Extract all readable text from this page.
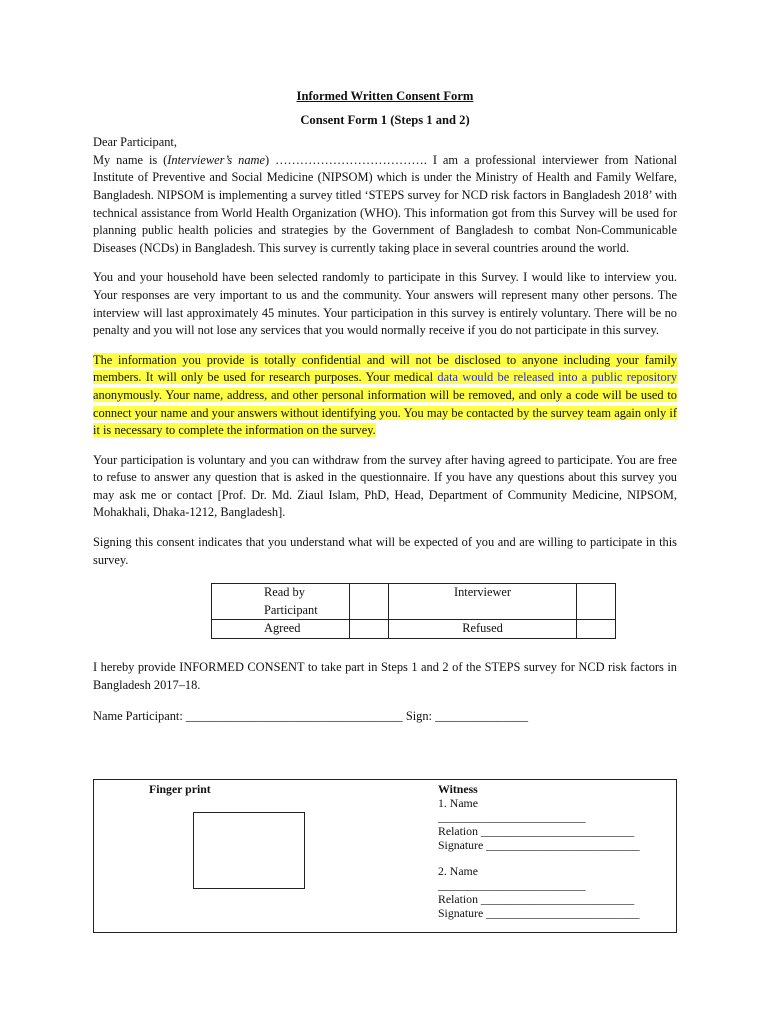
Informed Written Consent Form
Consent Form 1 (Steps 1 and 2)

Dear Participant,

My name is (Interviewer’s name) ………………………………. I am a professional interviewer from National Institute of Preventive and Social Medicine (NIPSOM) which is under the Ministry of Health and Family Welfare, Bangladesh. NIPSOM is implementing a survey titled ‘STEPS survey for NCD risk factors in Bangladesh 2018’ with technical assistance from World Health Organization (WHO). This information got from this Survey will be used for planning public health policies and strategies by the Government of Bangladesh to combat Non-Communicable Diseases (NCDs) in Bangladesh. This survey is currently taking place in several countries around the world.

You and your household have been selected randomly to participate in this Survey. I would like to interview you. Your responses are very important to us and the community. Your answers will represent many other persons. The interview will last approximately 45 minutes. Your participation in this survey is entirely voluntary. There will be no penalty and you will not lose any services that you would normally receive if you do not participate in this survey.

The information you provide is totally confidential and will not be disclosed to anyone including your family members. It will only be used for research purposes. Your medical data would be released into a public repository anonymously. Your name, address, and other personal information will be removed, and only a code will be used to connect your name and your answers without identifying you. You may be contacted by the survey team again only if it is necessary to complete the information on the survey.

Your participation is voluntary and you can withdraw from the survey after having agreed to participate. You are free to refuse to answer any question that is asked in the questionnaire. If you have any questions about this survey you may ask me or contact [Prof. Dr. Md. Ziaul Islam, PhD, Head, Department of Community Medicine, NIPSOM, Mohakhali, Dhaka-1212, Bangladesh].

Signing this consent indicates that you understand what will be expected of you and are willing to participate in this survey.

Read by Participant		Interviewer	
Agreed		Refused	

I hereby provide INFORMED CONSENT to take part in Steps 1 and 2 of the STEPS survey for NCD risk factors in Bangladesh 2017–18.

Name Participant: ___________________________________ Sign: _______________

Finger print	Witness
1. Name
_________________________
Relation __________________________
Signature __________________________
2. Name
_________________________
Relation __________________________
Signature __________________________
